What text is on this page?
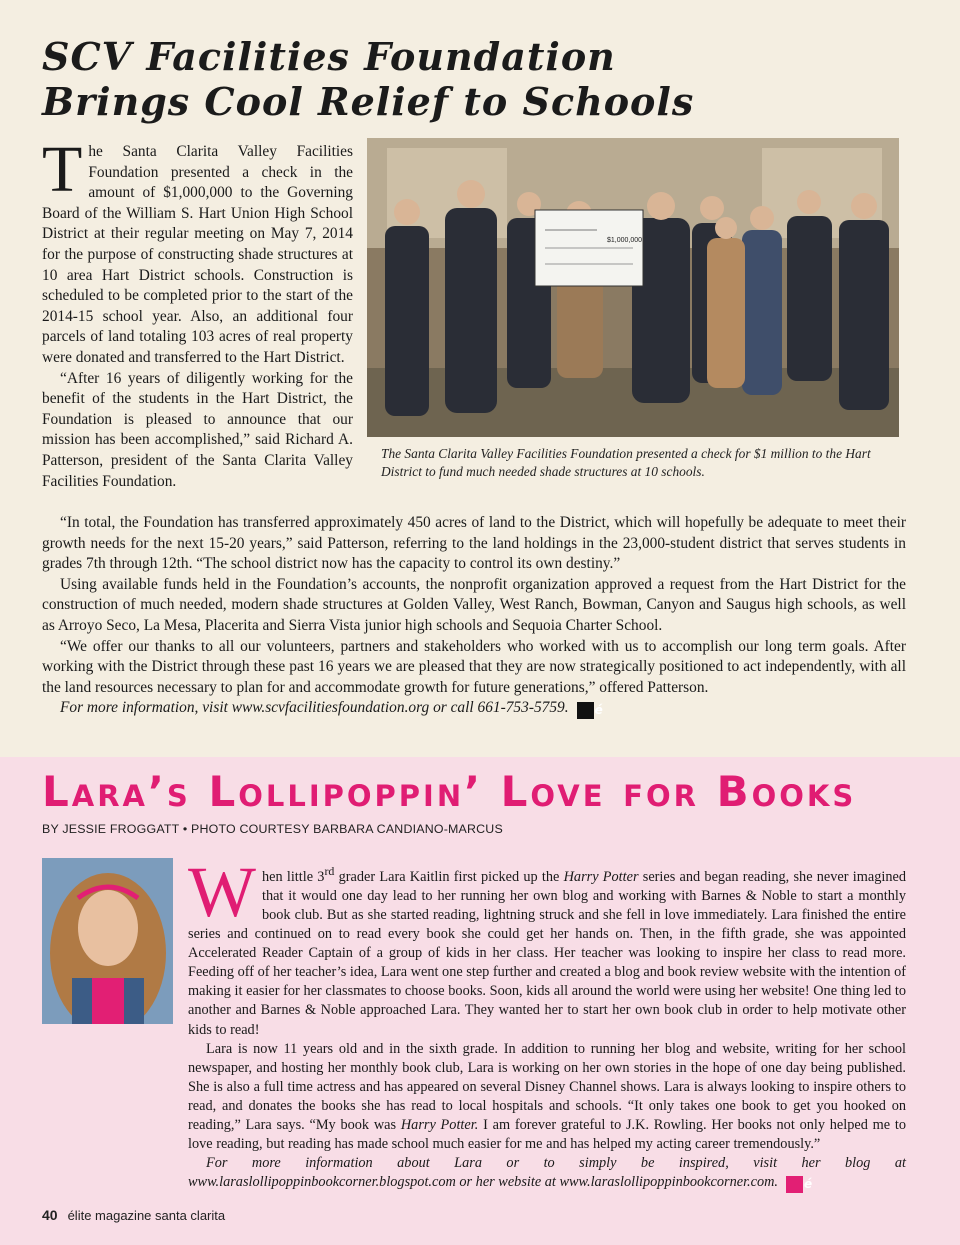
SCV Facilities Foundation
Brings Cool Relief to Schools

The Santa Clarita Valley Facilities Foundation presented a check in the amount of $1,000,000 to the Governing Board of the William S. Hart Union High School District at their regular meeting on May 7, 2014 for the purpose of constructing shade structures at 10 area Hart District schools. Construction is scheduled to be completed prior to the start of the 2014-15 school year. Also, an additional four parcels of land totaling 103 acres of real property were donated and transferred to the Hart District.

“After 16 years of diligently working for the benefit of the students in the Hart District, the Foundation is pleased to announce that our mission has been accomplished,” said Richard A. Patterson, president of the Santa Clarita Valley Facilities Foundation.

$1,000,000
The Santa Clarita Valley Facilities Foundation presented a check for $1 million to the Hart District to fund much needed shade structures at 10 schools.

“In total, the Foundation has transferred approximately 450 acres of land to the District, which will hopefully be adequate to meet their growth needs for the next 15-20 years,” said Patterson, referring to the land holdings in the 23,000-student district that serves students in grades 7th through 12th. “The school district now has the capacity to control its own destiny.”

Using available funds held in the Foundation’s accounts, the nonprofit organization approved a request from the Hart District for the construction of much needed, modern shade structures at Golden Valley, West Ranch, Bowman, Canyon and Saugus high schools, as well as Arroyo Seco, La Mesa, Placerita and Sierra Vista junior high schools and Sequoia Charter School.

“We offer our thanks to all our volunteers, partners and stakeholders who worked with us to accomplish our long term goals. After working with the District through these past 16 years we are pleased that they are now strategically positioned to act independently, with all the land resources necessary to plan for and accommodate growth for future generations,” offered Patterson.

For more information, visit www.scvfacilitiesfoundation.org or call 661-753-5759. é

Lara’s Lollipoppin’ Love for Books
BY JESSIE FROGGATT • PHOTO COURTESY BARBARA CANDIANO-MARCUS

When little 3rd grader Lara Kaitlin first picked up the Harry Potter series and began reading, she never imagined that it would one day lead to her running her own blog and working with Barnes & Noble to start a monthly book club. But as she started reading, lightning struck and she fell in love immediately. Lara finished the entire series and continued on to read every book she could get her hands on. Then, in the fifth grade, she was appointed Accelerated Reader Captain of a group of kids in her class. Her teacher was looking to inspire her class to read more. Feeding off of her teacher’s idea, Lara went one step further and created a blog and book review website with the intention of making it easier for her classmates to choose books. Soon, kids all around the world were using her website! One thing led to another and Barnes & Noble approached Lara. They wanted her to start her own book club in order to help motivate other kids to read!

Lara is now 11 years old and in the sixth grade. In addition to running her blog and website, writing for her school newspaper, and hosting her monthly book club, Lara is working on her own stories in the hope of one day being published. She is also a full time actress and has appeared on several Disney Channel shows. Lara is always looking to inspire others to read, and donates the books she has read to local hospitals and schools. “It only takes one book to get you hooked on reading,” Lara says. “My book was Harry Potter. I am forever grateful to J.K. Rowling. Her books not only helped me to love reading, but reading has made school much easier for me and has helped my acting career tremendously.”

For more information about Lara or to simply be inspired, visit her blog at www.laraslollipoppinbookcorner.blogspot.com or her website at www.laraslollipoppinbookcorner.com. é

40 élite magazine santa clarita
